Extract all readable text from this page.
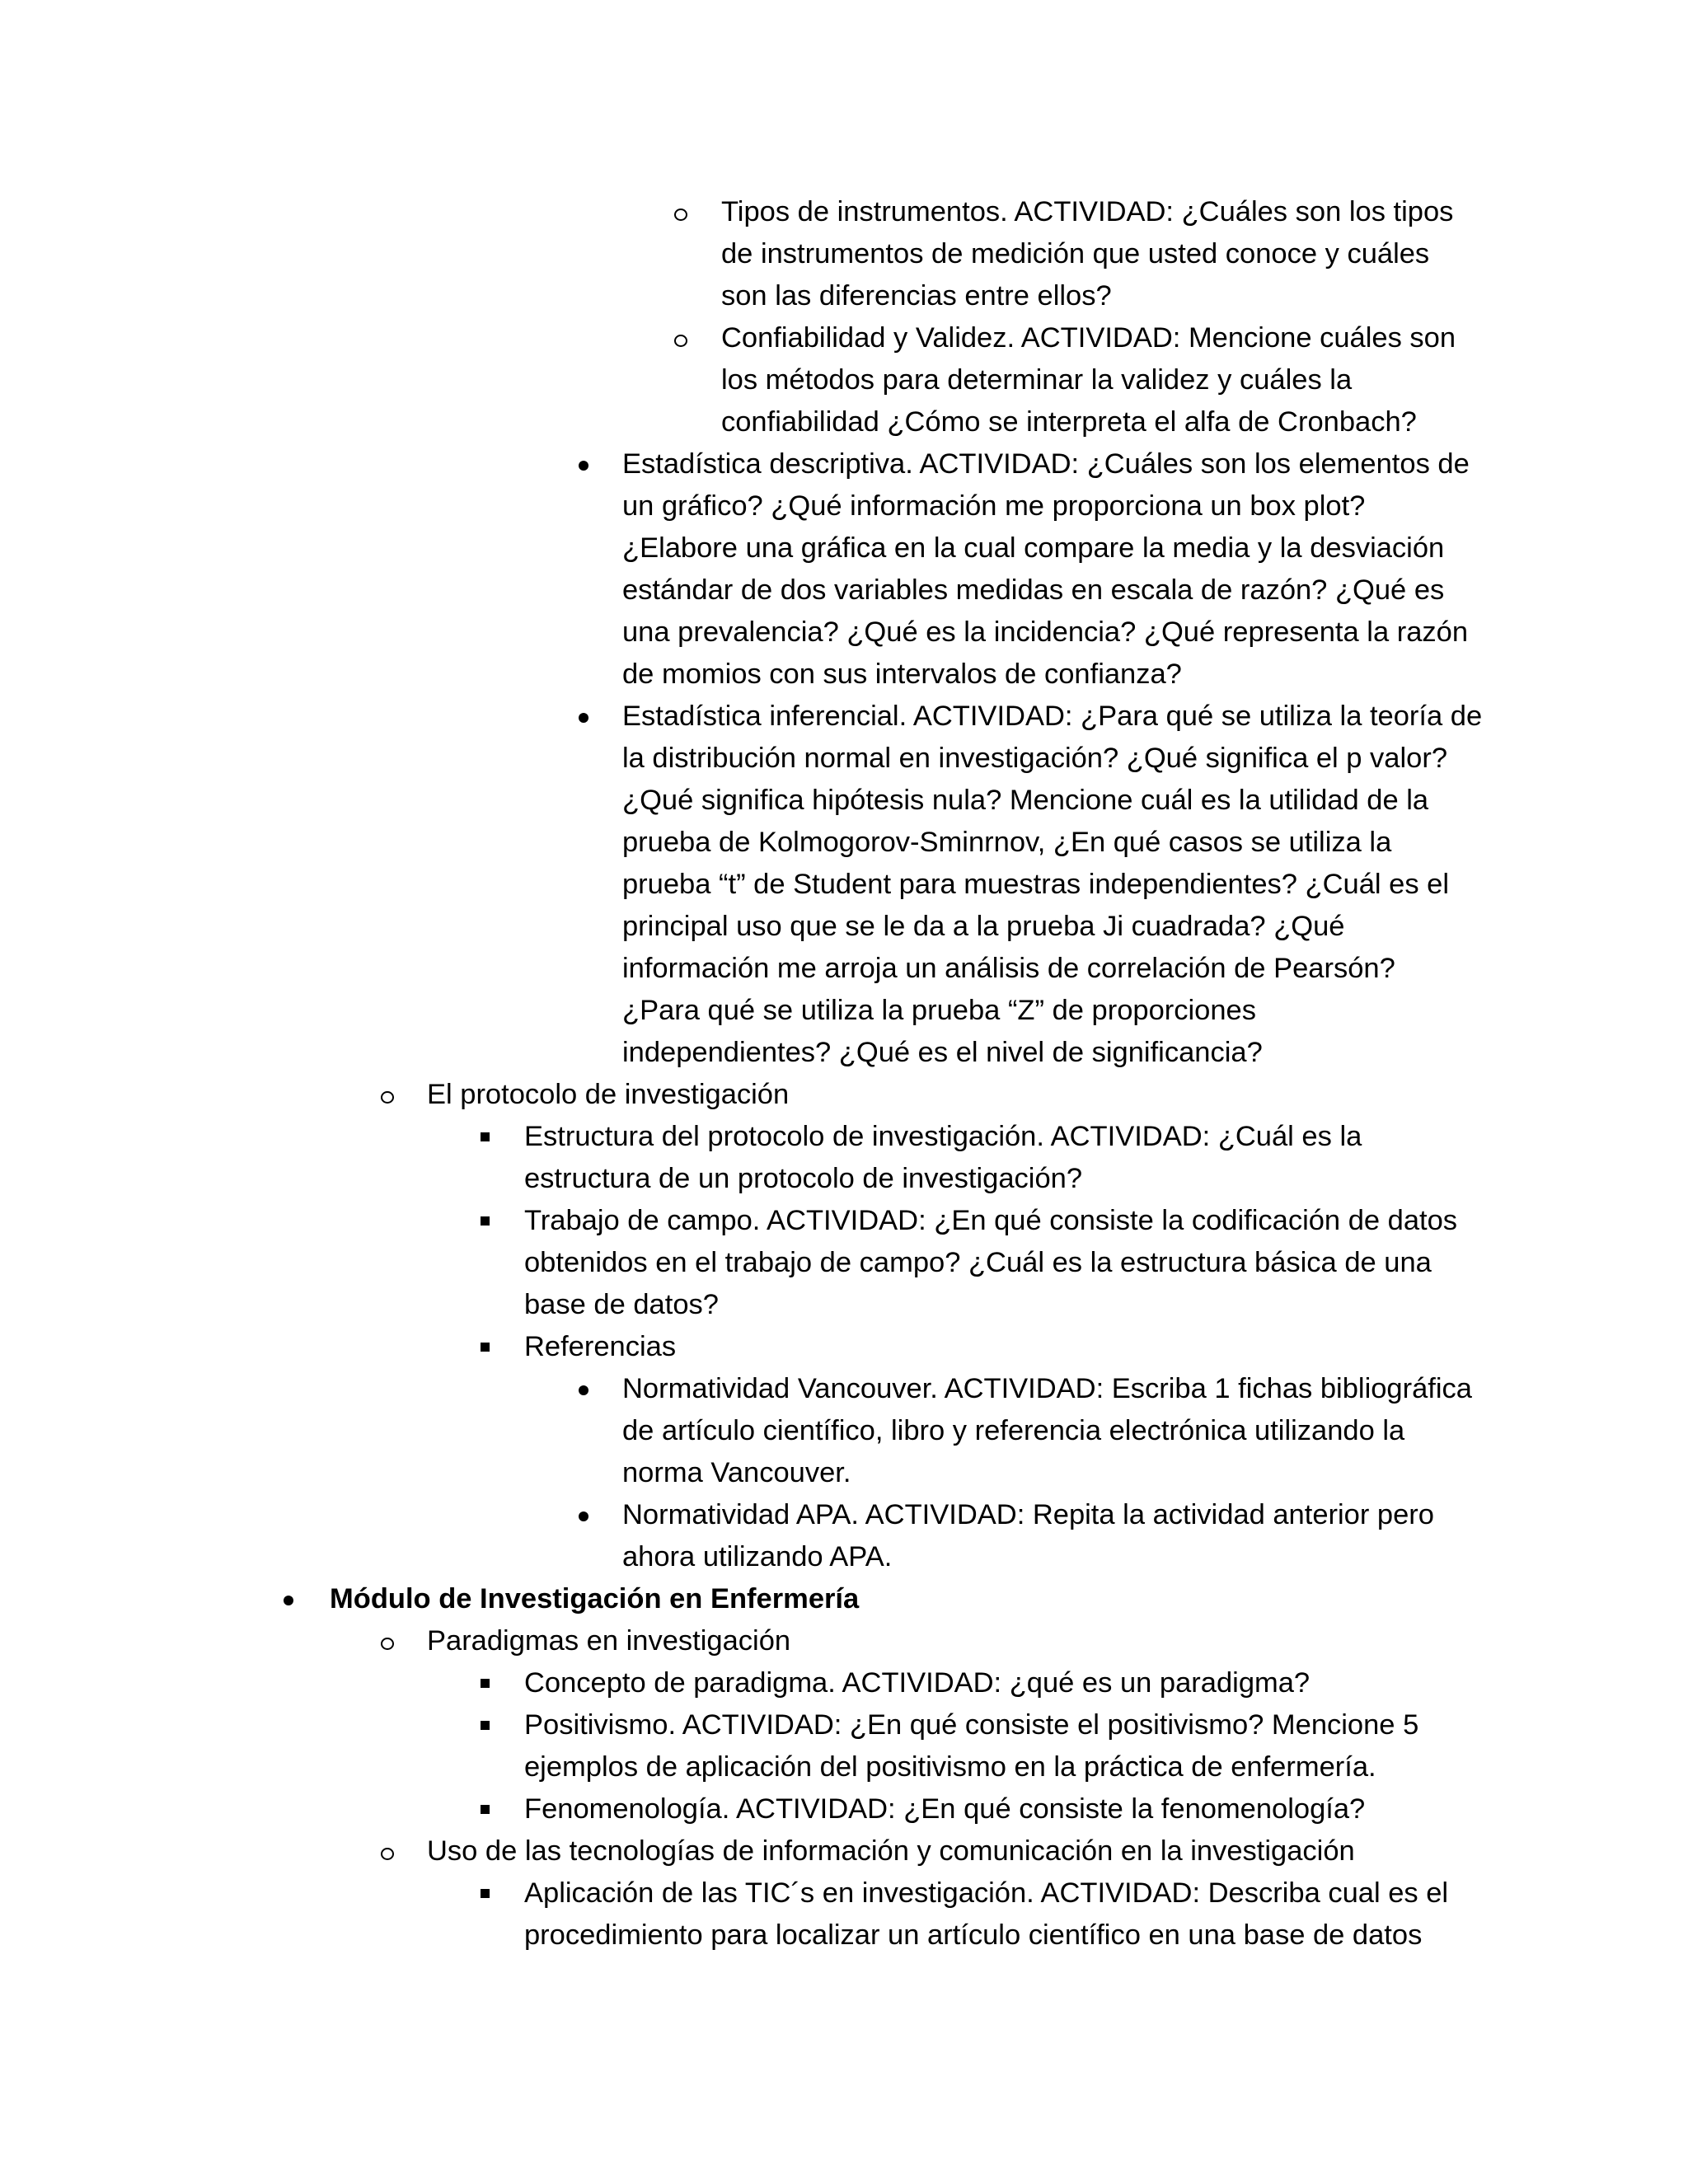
Tipos de instrumentos. ACTIVIDAD: ¿Cuáles son los tipos
de instrumentos de medición que usted conoce y cuáles
son las diferencias entre ellos?
Confiabilidad y Validez. ACTIVIDAD: Mencione cuáles son
los métodos para determinar la validez y cuáles la
confiabilidad ¿Cómo se interpreta el alfa de Cronbach?
Estadística descriptiva. ACTIVIDAD: ¿Cuáles son los elementos de
un gráfico? ¿Qué información me proporciona un box plot?
¿Elabore una gráfica en la cual compare la media y la desviación
estándar de dos variables medidas en escala de razón? ¿Qué es
una prevalencia? ¿Qué es la incidencia? ¿Qué representa la razón
de momios con sus intervalos de confianza?
Estadística inferencial. ACTIVIDAD: ¿Para qué se utiliza la teoría de
la distribución normal en investigación? ¿Qué significa el p valor?
¿Qué significa hipótesis nula? Mencione cuál es la utilidad de la
prueba de Kolmogorov-Sminrnov, ¿En qué casos se utiliza la
prueba “t” de Student para muestras independientes? ¿Cuál es el
principal uso que se le da a la prueba Ji cuadrada? ¿Qué
información me arroja un análisis de correlación de Pearsón?
¿Para qué se utiliza la prueba “Z” de proporciones
independientes? ¿Qué es el nivel de significancia?
El protocolo de investigación
Estructura del protocolo de investigación. ACTIVIDAD: ¿Cuál es la
estructura de un protocolo de investigación?
Trabajo de campo. ACTIVIDAD: ¿En qué consiste la codificación de datos
obtenidos en el trabajo de campo? ¿Cuál es la estructura básica de una
base de datos?
Referencias
Normatividad Vancouver. ACTIVIDAD: Escriba 1 fichas bibliográfica
de artículo científico, libro y referencia electrónica utilizando la
norma Vancouver.
Normatividad APA. ACTIVIDAD: Repita la actividad anterior pero
ahora utilizando APA.
Módulo de Investigación en Enfermería
Paradigmas en investigación
Concepto de paradigma. ACTIVIDAD: ¿qué es un paradigma?
Positivismo. ACTIVIDAD: ¿En qué consiste el positivismo? Mencione 5
ejemplos de aplicación del positivismo en la práctica de enfermería.
Fenomenología. ACTIVIDAD: ¿En qué consiste la fenomenología?
Uso de las tecnologías de información y comunicación en la investigación
Aplicación de las TIC´s en investigación. ACTIVIDAD: Describa cual es el
procedimiento para localizar un artículo científico en una base de datos
